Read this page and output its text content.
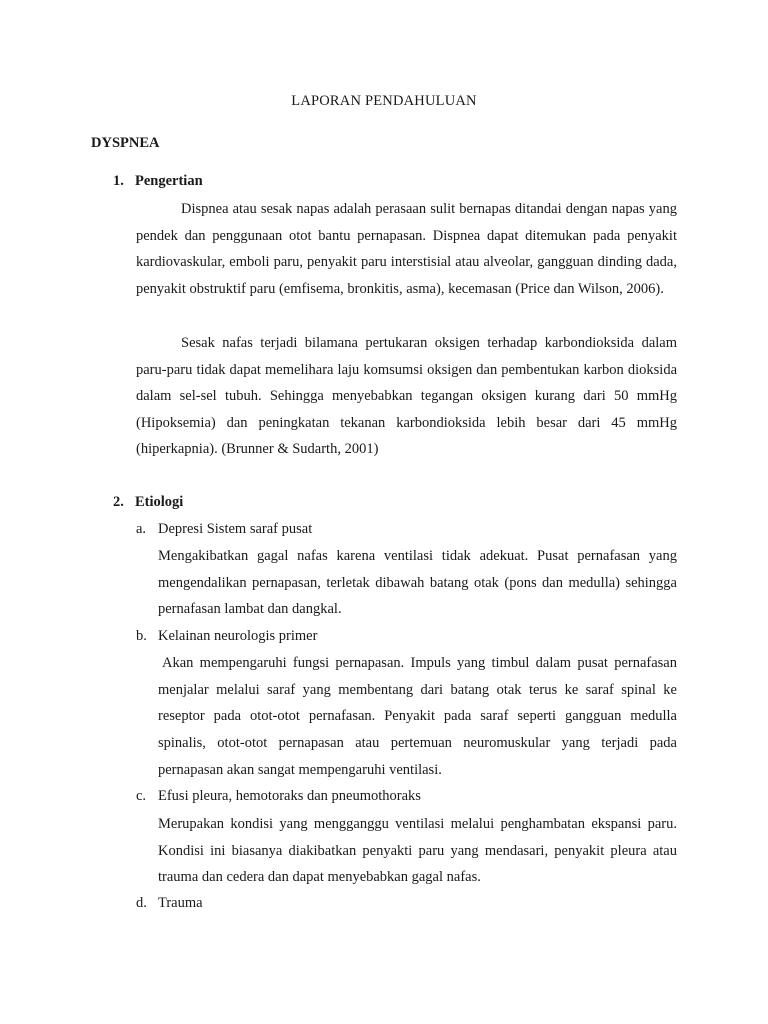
LAPORAN PENDAHULUAN
DYSPNEA
1. Pengertian

Dispnea atau sesak napas adalah perasaan sulit bernapas ditandai dengan napas yang pendek dan penggunaan otot bantu pernapasan. Dispnea dapat ditemukan pada penyakit kardiovaskular, emboli paru, penyakit paru interstisial atau alveolar, gangguan dinding dada, penyakit obstruktif paru (emfisema, bronkitis, asma), kecemasan (Price dan Wilson, 2006).

Sesak nafas terjadi bilamana pertukaran oksigen terhadap karbondioksida dalam paru-paru tidak dapat memelihara laju komsumsi oksigen dan pembentukan karbon dioksida dalam sel-sel tubuh. Sehingga menyebabkan tegangan oksigen kurang dari 50 mmHg (Hipoksemia) dan peningkatan tekanan karbondioksida lebih besar dari 45 mmHg (hiperkapnia). (Brunner & Sudarth, 2001)

2. Etiologi
a. Depresi Sistem saraf pusat

Mengakibatkan gagal nafas karena ventilasi tidak adekuat. Pusat pernafasan yang mengendalikan pernapasan, terletak dibawah batang otak (pons dan medulla) sehingga pernafasan lambat dan dangkal.

b. Kelainan neurologis primer

Akan mempengaruhi fungsi pernapasan. Impuls yang timbul dalam pusat pernafasan menjalar melalui saraf yang membentang dari batang otak terus ke saraf spinal ke reseptor pada otot-otot pernafasan. Penyakit pada saraf seperti gangguan medulla spinalis, otot-otot pernapasan atau pertemuan neuromuskular yang terjadi pada pernapasan akan sangat mempengaruhi ventilasi.

c. Efusi pleura, hemotoraks dan pneumothoraks

Merupakan kondisi yang mengganggu ventilasi melalui penghambatan ekspansi paru. Kondisi ini biasanya diakibatkan penyakti paru yang mendasari, penyakit pleura atau trauma dan cedera dan dapat menyebabkan gagal nafas.

d. Trauma
